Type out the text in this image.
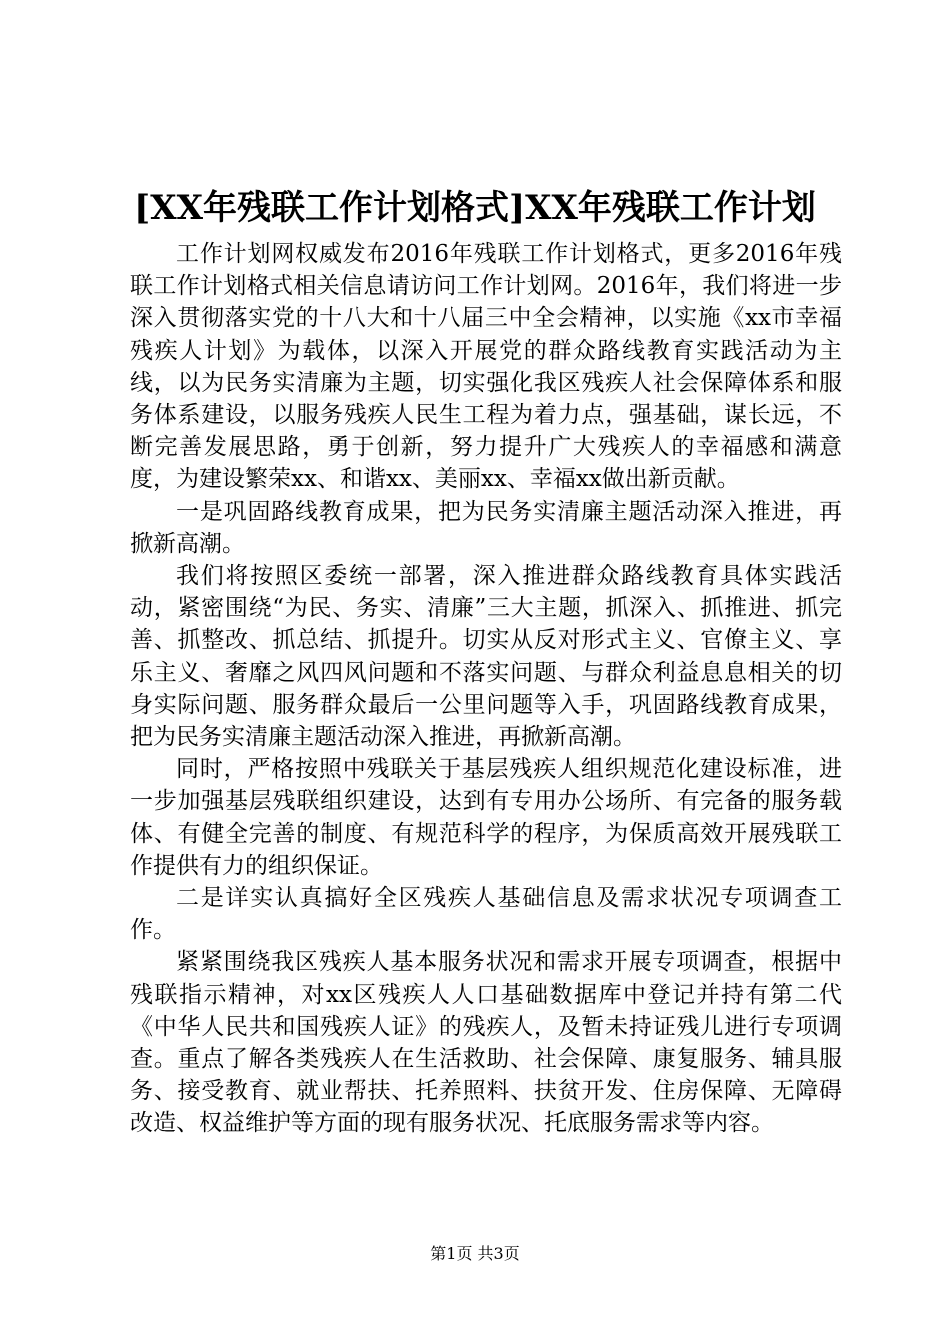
[XX年残联工作计划格式]XX年残联工作计划

工作计划网权威发布2016年残联工作计划格式，更多2016年残联工作计划格式相关信息请访问工作计划网。2016年，我们将进一步深入贯彻落实党的十八大和十八届三中全会精神，以实施《xx市幸福残疾人计划》为载体，以深入开展党的群众路线教育实践活动为主线，以为民务实清廉为主题，切实强化我区残疾人社会保障体系和服务体系建设，以服务残疾人民生工程为着力点，强基础，谋长远，不断完善发展思路，勇于创新，努力提升广大残疾人的幸福感和满意度，为建设繁荣xx、和谐xx、美丽xx、幸福xx做出新贡献。

一是巩固路线教育成果，把为民务实清廉主题活动深入推进，再掀新高潮。

我们将按照区委统一部署，深入推进群众路线教育具体实践活动，紧密围绕“为民、务实、清廉”三大主题，抓深入、抓推进、抓完善、抓整改、抓总结、抓提升。切实从反对形式主义、官僚主义、享乐主义、奢靡之风四风问题和不落实问题、与群众利益息息相关的切身实际问题、服务群众最后一公里问题等入手，巩固路线教育成果，把为民务实清廉主题活动深入推进，再掀新高潮。

同时，严格按照中残联关于基层残疾人组织规范化建设标准，进一步加强基层残联组织建设，达到有专用办公场所、有完备的服务载体、有健全完善的制度、有规范科学的程序，为保质高效开展残联工作提供有力的组织保证。

二是详实认真搞好全区残疾人基础信息及需求状况专项调查工作。

紧紧围绕我区残疾人基本服务状况和需求开展专项调查，根据中残联指示精神，对xx区残疾人人口基础数据库中登记并持有第二代《中华人民共和国残疾人证》的残疾人，及暂未持证残儿进行专项调查。重点了解各类残疾人在生活救助、社会保障、康复服务、辅具服务、接受教育、就业帮扶、托养照料、扶贫开发、住房保障、无障碍改造、权益维护等方面的现有服务状况、托底服务需求等内容。

第1页 共3页
